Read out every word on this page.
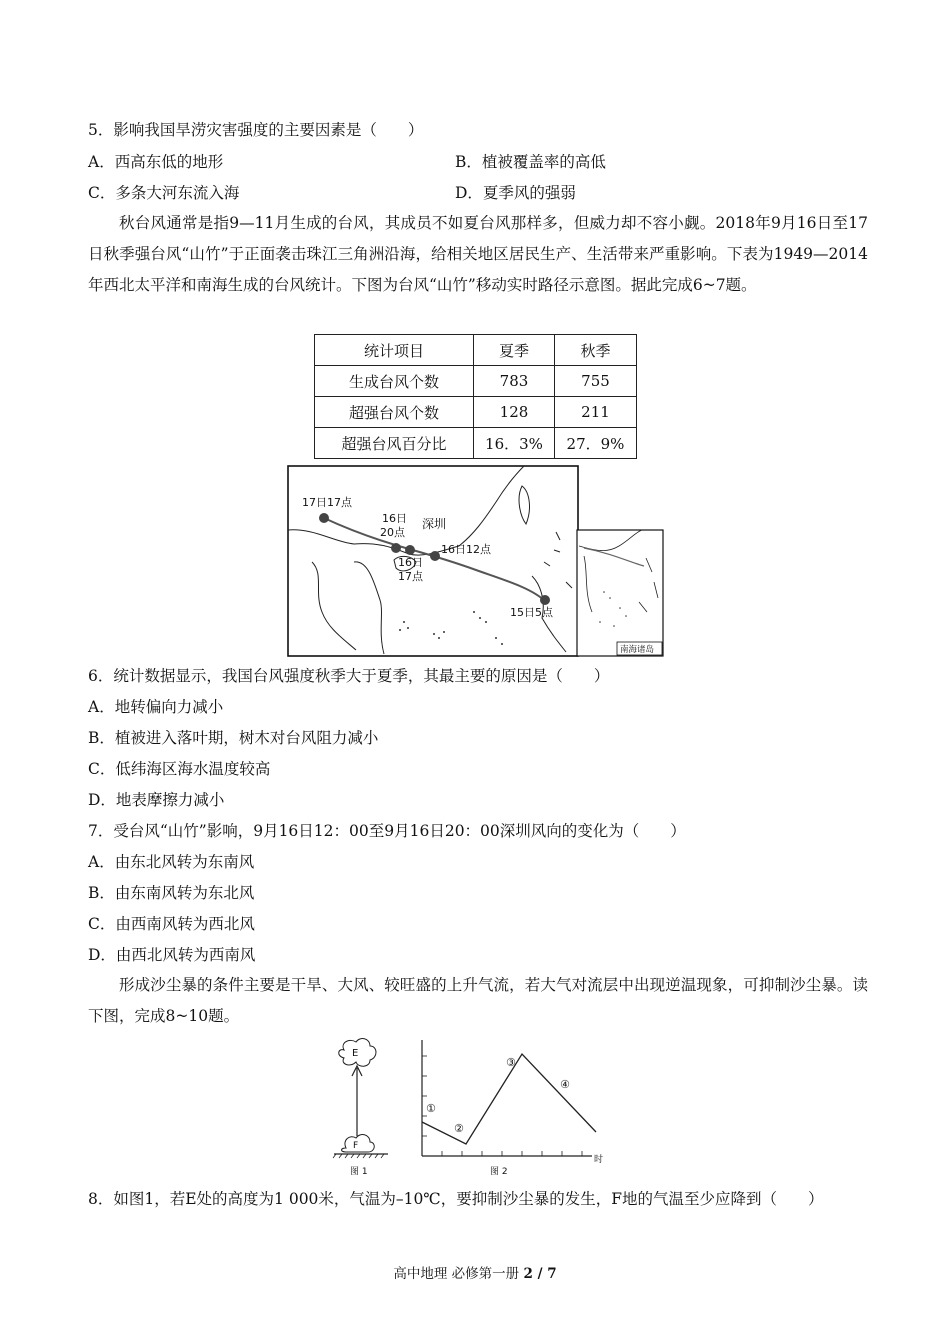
5．影响我国旱涝灾害强度的主要因素是（　　）
A．西高东低的地形	B．植被覆盖率的高低
C．多条大河东流入海	D．夏季风的强弱
秋台风通常是指9—11月生成的台风，其成员不如夏台风那样多，但威力却不容小觑。2018年9月16日至17日秋季强台风“山竹”于正面袭击珠江三角洲沿海，给相关地区居民生产、生活带来严重影响。下表为1949—2014年西北太平洋和南海生成的台风统计。下图为台风“山竹”移动实时路径示意图。据此完成6~7题。
统计项目	夏季	秋季
生成台风个数	783	755
超强台风个数	128	211
超强台风百分比	16．3%	27．9%
17日17点
16日
20点
深圳
16日12点
16日
17点
15日5点
南海诸岛
6．统计数据显示，我国台风强度秋季大于夏季，其最主要的原因是（　　）
A．地转偏向力减小
B．植被进入落叶期，树木对台风阻力减小
C．低纬海区海水温度较高
D．地表摩擦力减小
7．受台风“山竹”影响，9月16日12：00至9月16日20：00深圳风向的变化为（　　）
A．由东北风转为东南风
B．由东南风转为东北风
C．由西南风转为西北风
D．由西北风转为西南风
形成沙尘暴的条件主要是干旱、大风、较旺盛的上升气流，若大气对流层中出现逆温现象，可抑制沙尘暴。读下图，完成8~10题。
E
F
图 1
①
②
③
④
时
图 2
8．如图1，若E处的高度为1 000米，气温为–10℃，要抑制沙尘暴的发生，F地的气温至少应降到（　　）
高中地理 必修第一册 2 / 7
